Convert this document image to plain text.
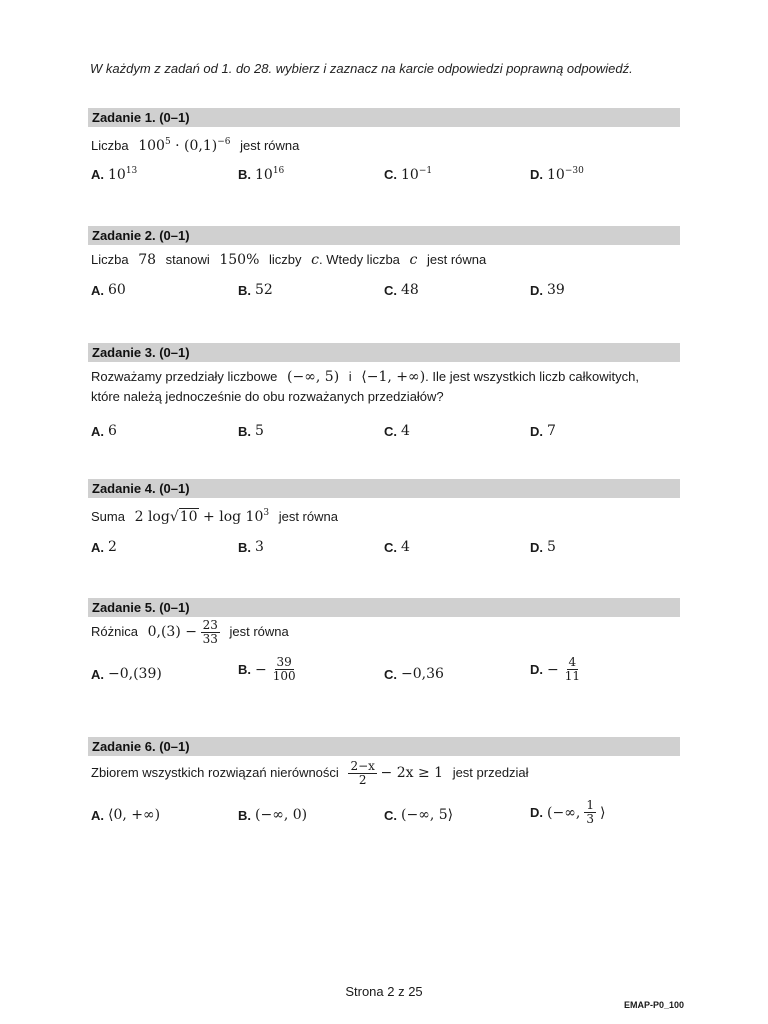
W każdym z zadań od 1. do 28. wybierz i zaznacz na karcie odpowiedzi poprawną odpowiedź.
Zadanie 1. (0–1)
Liczba $100^5 \cdot (0,1)^{-6}$ jest równa
A. $10^{13}$	B. $10^{16}$	C. $10^{-1}$	D. $10^{-30}$
Zadanie 2. (0–1)
Liczba 78 stanowi 150% liczby c. Wtedy liczba c jest równa
A. 60	B. 52	C. 48	D. 39
Zadanie 3. (0–1)
Rozważamy przedziały liczbowe (−∞, 5) i ⟨−1, +∞). Ile jest wszystkich liczb całkowitych,
które należą jednocześnie do obu rozważanych przedziałów?
A. 6	B. 5	C. 4	D. 7
Zadanie 4. (0–1)
Suma 2 $\log√10 + \log 10^3$ jest równa
A. 2	B. 3	C. 4	D. 5
Zadanie 5. (0–1)
Różnica $0,(3) - \frac{23}{33}$ jest równa
A. −0,(39)	B. − $\frac{39}{100}$	C. −0,36	D. − $\frac{4}{11}$
Zadanie 6. (0–1)
Zbiorem wszystkich rozwiązań nierówności $\frac{2-x}{2} - 2x \ge 1$ jest przedział
A. ⟨0, +∞)	B. (−∞, 0)	C. (−∞, 5⟩	D. (−∞, $\frac{1}{3}$ ⟩
Strona 2 z 25
EMAP-P0_100
